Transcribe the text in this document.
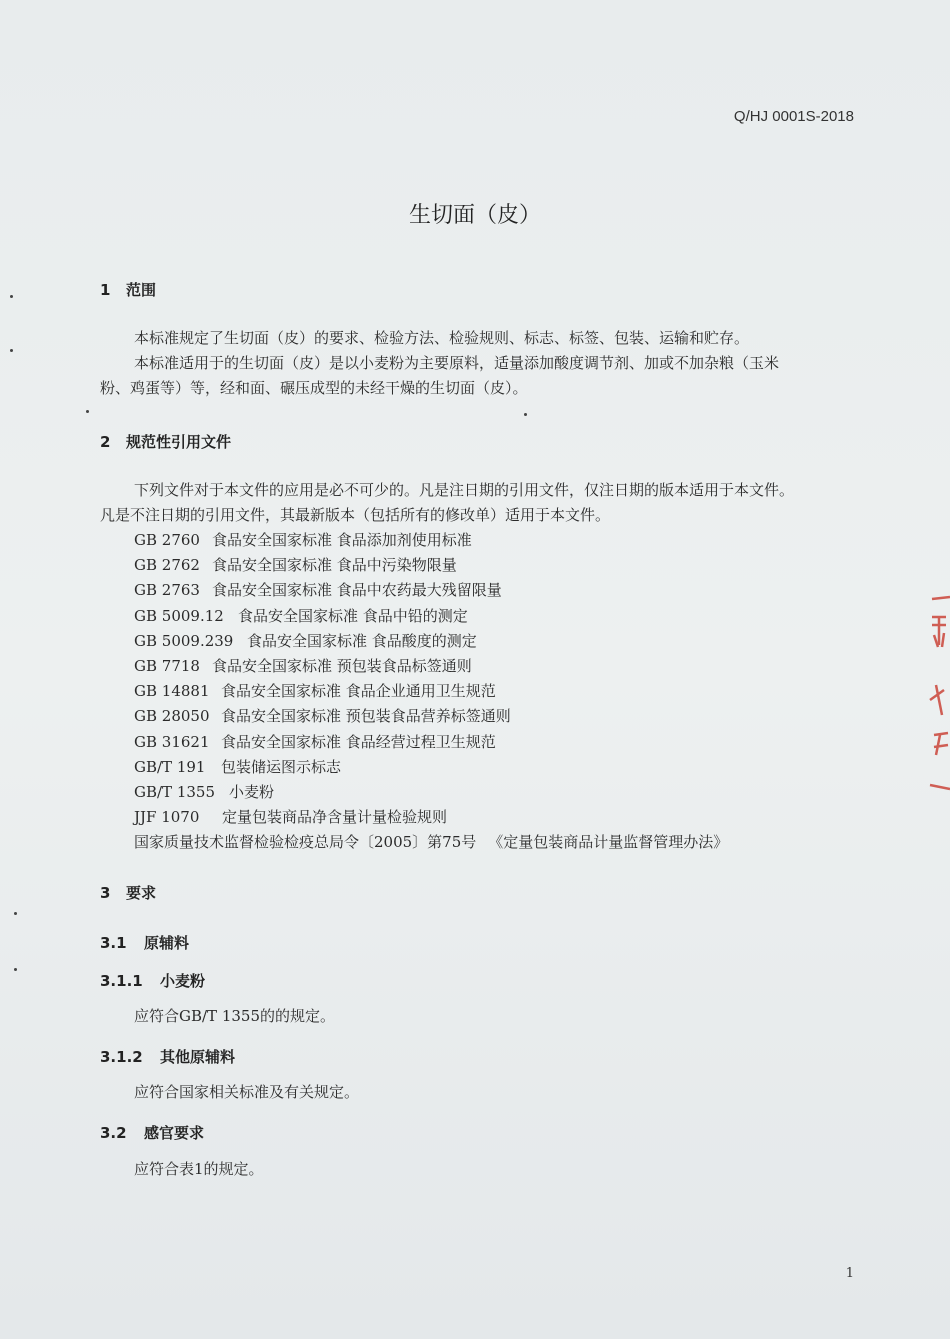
Q/HJ 0001S-2018
生切面（皮）
1 范围
本标准规定了生切面（皮）的要求、检验方法、检验规则、标志、标签、包装、运输和贮存。
本标准适用于的生切面（皮）是以小麦粉为主要原料，适量添加酸度调节剂、加或不加杂粮（玉米
粉、鸡蛋等）等，经和面、碾压成型的未经干燥的生切面（皮）。
2 规范性引用文件
下列文件对于本文件的应用是必不可少的。凡是注日期的引用文件，仅注日期的版本适用于本文件。
凡是不注日期的引用文件，其最新版本（包括所有的修改单）适用于本文件。
GB 2760 食品安全国家标准 食品添加剂使用标准
GB 2762 食品安全国家标准 食品中污染物限量
GB 2763 食品安全国家标准 食品中农药最大残留限量
GB 5009.12 食品安全国家标准 食品中铅的测定
GB 5009.239 食品安全国家标准 食品酸度的测定
GB 7718 食品安全国家标准 预包装食品标签通则
GB 14881 食品安全国家标准 食品企业通用卫生规范
GB 28050 食品安全国家标准 预包装食品营养标签通则
GB 31621 食品安全国家标准 食品经营过程卫生规范
GB/T 191 包装储运图示标志
GB/T 1355 小麦粉
JJF 1070 定量包装商品净含量计量检验规则
国家质量技术监督检验检疫总局令〔2005〕第75号 《定量包装商品计量监督管理办法》
3 要求
3.1 原辅料
3.1.1 小麦粉
应符合GB/T 1355的的规定。
3.1.2 其他原辅料
应符合国家相关标准及有关规定。
3.2 感官要求
应符合表1的规定。
1
